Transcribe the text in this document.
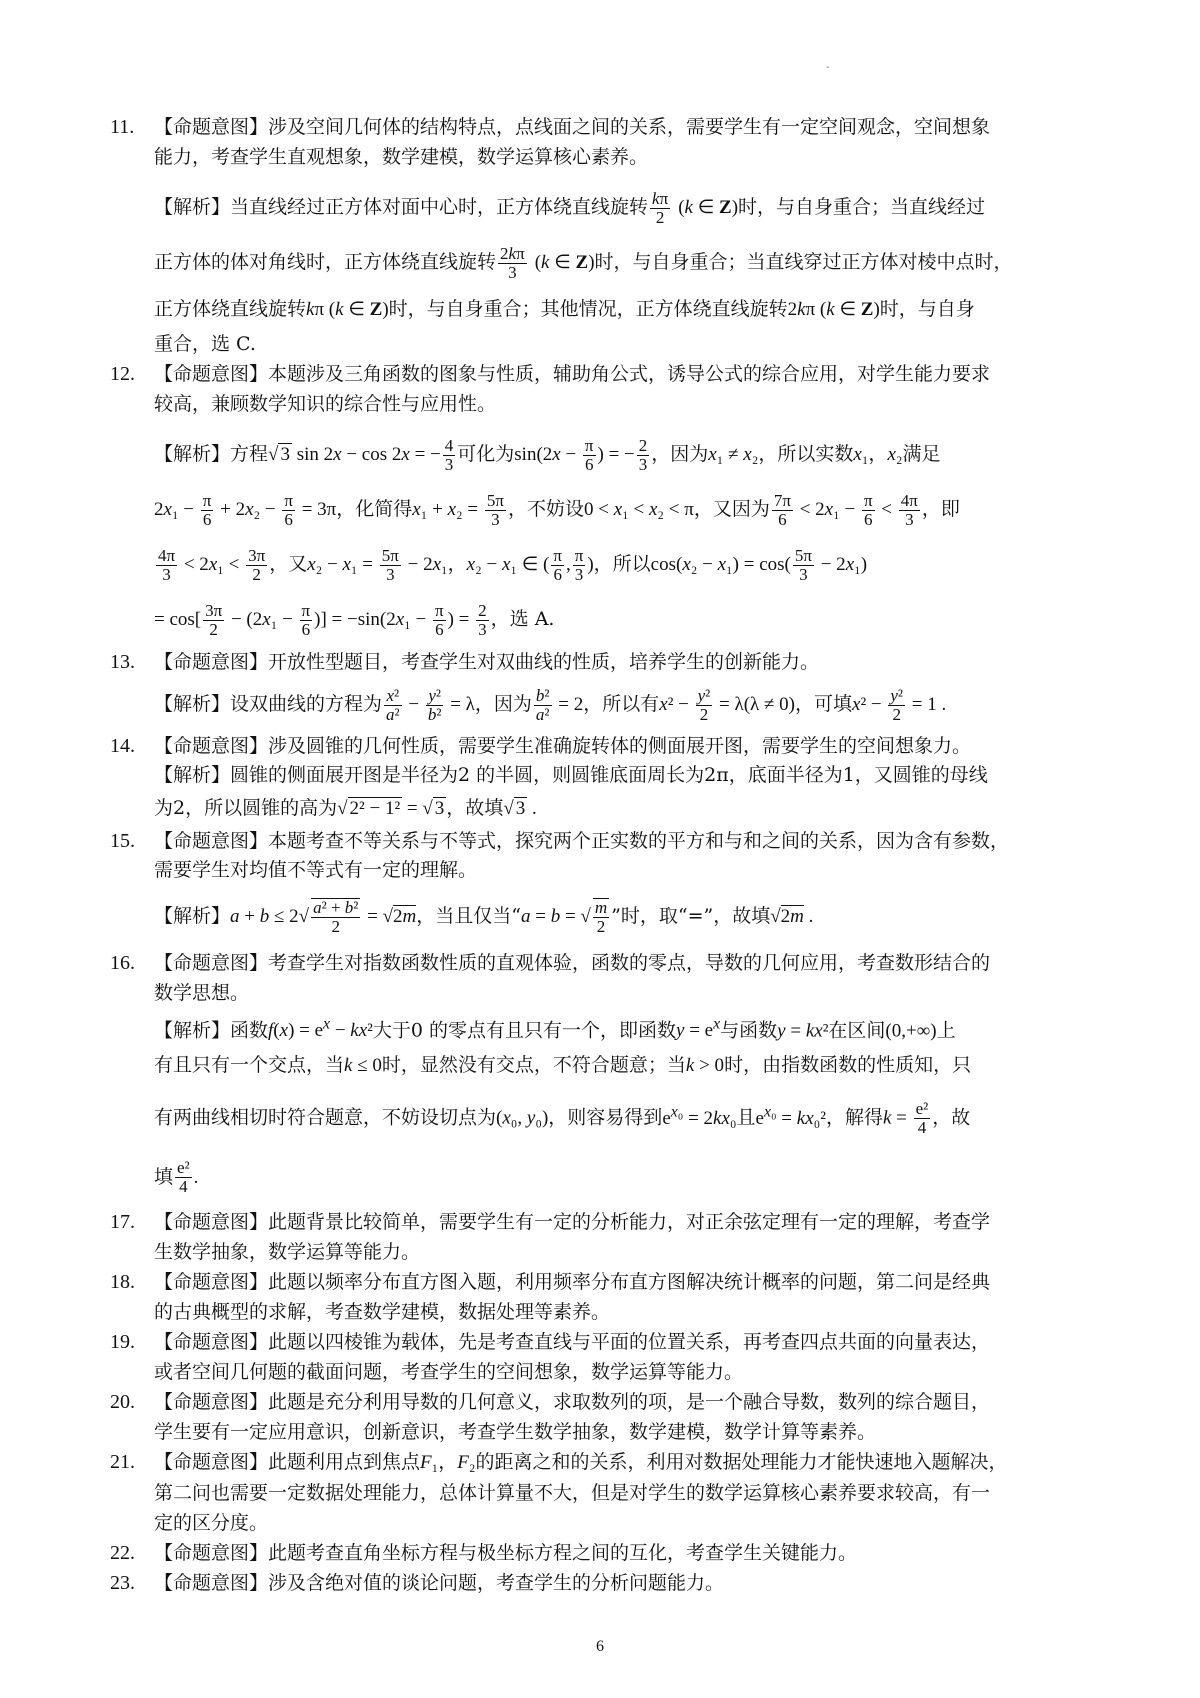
-
11. 【命题意图】涉及空间几何体的结构特点，点线面之间的关系，需要学生有一定空间观念，空间想象
能力，考查学生直观想象，数学建模，数学运算核心素养。
【解析】当直线经过正方体对面中心时，正方体绕直线旋转 $\frac{k\pi}{2} (k$ ∈ Z)时，与自身重合；当直线经过
正方体的体对角线时，正方体绕直线旋转 $\frac{2k\pi}{3} (k$ ∈ Z)时，与自身重合；当直线穿过正方体对棱中点时，
正方体绕直线旋转kπ (k ∈ Z)时，与自身重合；其他情况，正方体绕直线旋转2kπ (k ∈ Z)时，与自身
重合，选 C.
12. 【命题意图】本题涉及三角函数的图象与性质，辅助角公式，诱导公式的综合应用，对学生能力要求
较高，兼顾数学知识的综合性与应用性。
【解析】方程√ 3 sin 2x − cos 2x = − $\frac{4}{3}$ 可化为$\sin(2x - \frac{\pi}{6}$ ) = − $\frac{2}{3}$ ，因为x₁ ≠ x₂，所以实数x₁，x₂满足
$2x_1 - \frac{\pi}{6} + 2x_2 - \frac{\pi}{6} = 3\pi$，化简得$x_1 + x_2 = \frac{5\pi}{3}$ ，不妨设0 < x₁ < x₂ < π，又因为 $\frac{7\pi}{6} < 2x_1 - \frac{\pi}{6} < \frac{4\pi}{3}$ ，即
$\frac{4\pi}{3} < 2x_1 < \frac{3\pi}{2}$ ，又$x_2 - x_1 = \frac{5\pi}{3} - 2x_1$，x₂ − x₁ ∈ ( $\frac{\pi}{6}$ , $\frac{\pi}{3}$ )，所以$\cos(x_2 - x_1) = \cos( \frac{5\pi}{3} - 2x_1)$
= $\cos[ \frac{3\pi}{2} - (2x_1 - \frac{\pi}{6}$ )] = $-\sin(2x_1 - \frac{\pi}{6}$ ) = $\frac{2}{3}$ ，选 A.
13. 【命题意图】开放性型题目，考查学生对双曲线的性质，培养学生的创新能力。
【解析】设双曲线的方程为 $\frac{\text{x²}}{\text{a²}} - \frac{\text{y²}}{\text{b²}} = \lambda$，因为 $\frac{\text{b²}}{\text{a²}} = 2$，所以有$x^2 - \frac{\text{y²}}{2} = \lambda(\lambda \ne 0)$，可填$x^2 - \frac{\text{y²}}{2} = 1$ .
14. 【命题意图】涉及圆锥的几何性质，需要学生准确旋转体的侧面展开图，需要学生的空间想象力。
【解析】圆锥的侧面展开图是半径为2 的半圆，则圆锥底面周长为2π，底面半径为1，又圆锥的母线
为2，所以圆锥的高为√ 2² − 1² = √ 3 ，故填√ 3 .
15. 【命题意图】本题考查不等关系与不等式，探究两个正实数的平方和与和之间的关系，因为含有参数，
需要学生对均值不等式有一定的理解。
【解析】$a + b \le 2√ \frac{\text{a² + b²}}{2} = √2m$，当且仅当“a = b = √ $\frac{m}{2}$ ”时，取“=”，故填√2m .
16. 【命题意图】考查学生对指数函数性质的直观体验，函数的零点，导数的几何应用，考查数形结合的
数学思想。
【解析】函数$f(x) = e^x - kx^2$大于0 的零点有且只有一个，即函数$y = e^x$与函数y = kx²在区间(0,+∞)上
有且只有一个交点，当k ≤ 0时，显然没有交点，不符合题意；当k > 0时，由指数函数的性质知，只
有两曲线相切时符合题意，不妨设切点为(x₀, y₀)，则容易得到$e^{x_0} = 2kx_0$且$e^{x_0} = kx_0^2$，解得$k = \frac{\text{e²}}{4}$ ，故
填 $\frac{\text{e²}}{4}$ .
17. 【命题意图】此题背景比较简单，需要学生有一定的分析能力，对正余弦定理有一定的理解，考查学
生数学抽象，数学运算等能力。
18. 【命题意图】此题以频率分布直方图入题，利用频率分布直方图解决统计概率的问题，第二问是经典
的古典概型的求解，考查数学建模，数据处理等素养。
19. 【命题意图】此题以四棱锥为载体，先是考查直线与平面的位置关系，再考查四点共面的向量表达，
或者空间几何题的截面问题，考查学生的空间想象，数学运算等能力。
20. 【命题意图】此题是充分利用导数的几何意义，求取数列的项，是一个融合导数，数列的综合题目，
学生要有一定应用意识，创新意识，考查学生数学抽象，数学建模，数学计算等素养。
21. 【命题意图】此题利用点到焦点F₁，F₂的距离之和的关系，利用对数据处理能力才能快速地入题解决，
第二问也需要一定数据处理能力，总体计算量不大，但是对学生的数学运算核心素养要求较高，有一
定的区分度。
22. 【命题意图】此题考查直角坐标方程与极坐标方程之间的互化，考查学生关键能力。
23. 【命题意图】涉及含绝对值的谈论问题，考查学生的分析问题能力。
6
